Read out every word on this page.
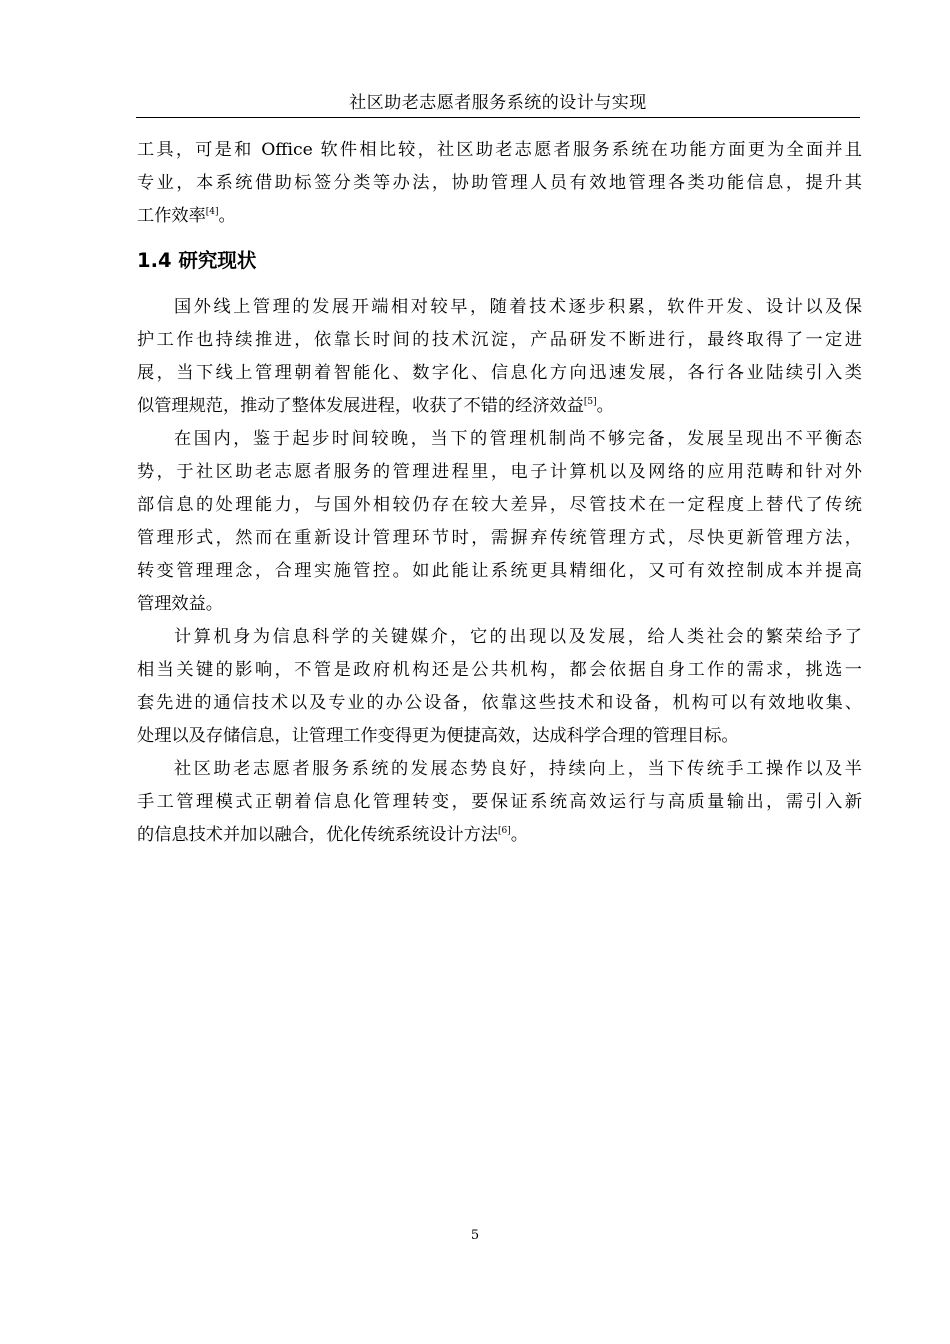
社区助老志愿者服务系统的设计与实现

工具，可是和 Office 软件相比较，社区助老志愿者服务系统在功能方面更为全面并且
专业，本系统借助标签分类等办法，协助管理人员有效地管理各类功能信息，提升其
工作效率[4]。
1.4 研究现状
国外线上管理的发展开端相对较早，随着技术逐步积累，软件开发、设计以及保
护工作也持续推进，依靠长时间的技术沉淀，产品研发不断进行，最终取得了一定进
展，当下线上管理朝着智能化、数字化、信息化方向迅速发展，各行各业陆续引入类
似管理规范，推动了整体发展进程，收获了不错的经济效益[5]。
在国内，鉴于起步时间较晚，当下的管理机制尚不够完备，发展呈现出不平衡态
势，于社区助老志愿者服务的管理进程里，电子计算机以及网络的应用范畴和针对外
部信息的处理能力，与国外相较仍存在较大差异，尽管技术在一定程度上替代了传统
管理形式，然而在重新设计管理环节时，需摒弃传统管理方式，尽快更新管理方法，
转变管理理念，合理实施管控。如此能让系统更具精细化，又可有效控制成本并提高
管理效益。
计算机身为信息科学的关键媒介，它的出现以及发展，给人类社会的繁荣给予了
相当关键的影响，不管是政府机构还是公共机构，都会依据自身工作的需求，挑选一
套先进的通信技术以及专业的办公设备，依靠这些技术和设备，机构可以有效地收集、
处理以及存储信息，让管理工作变得更为便捷高效，达成科学合理的管理目标。
社区助老志愿者服务系统的发展态势良好，持续向上，当下传统手工操作以及半
手工管理模式正朝着信息化管理转变，要保证系统高效运行与高质量输出，需引入新
的信息技术并加以融合，优化传统系统设计方法[6]。

5
